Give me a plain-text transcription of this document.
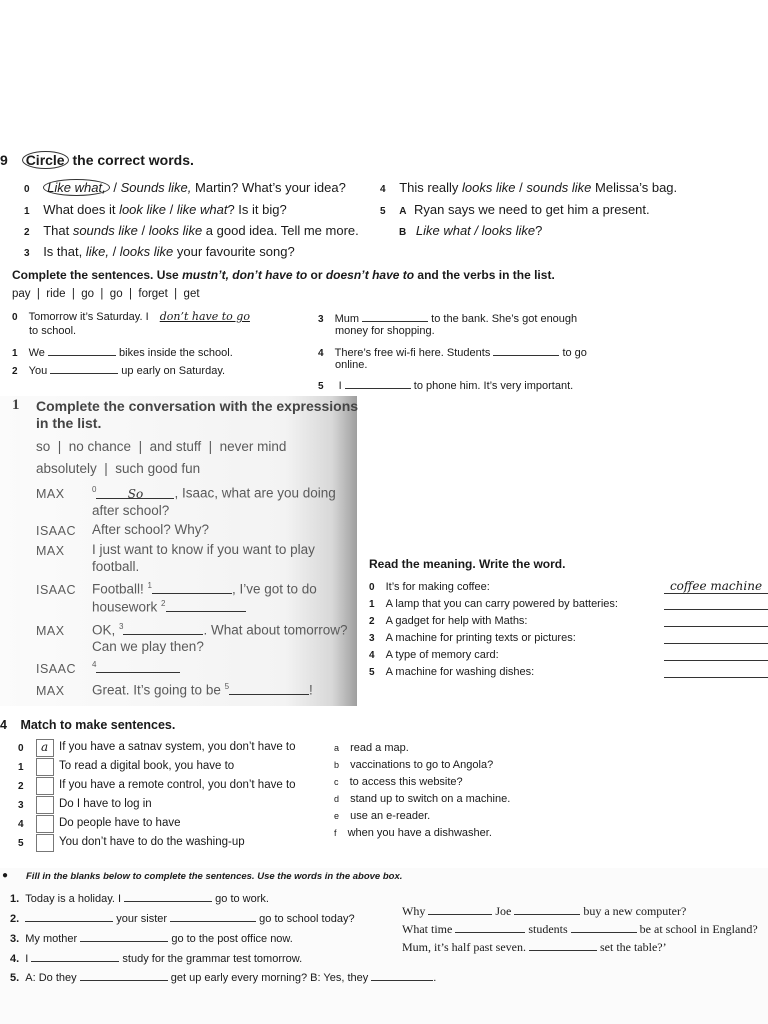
9 Circle the correct words.
0 Like what, / Sounds like, Martin? What’s your idea?
1 What does it look like / like what? Is it big?
2 That sounds like / looks like a good idea. Tell me more.
3 Is that, like, / looks like your favourite song?
4 This really looks like / sounds like Melissa’s bag.
5 A Ryan says we need to get him a present.
B Like what / looks like?
Complete the sentences. Use mustn’t, don’t have to or doesn’t have to and the verbs in the list.
pay  |  ride  |  go  |  go  |  forget  |  get
0 Tomorrow it’s Saturday. I don’t have to go
to school.
1 We	bikes inside the school.
2 You	up early on Saturday.
3 Mum	to the bank. She’s got enough
money for shopping.
4 There’s free wi-fi here. Students	to go
online.
5 I	to phone him. It’s very important.
1 Complete the conversation with the expressions
in the list.
so  |  no chance  |  and stuff  |  never mind
absolutely  |  such good fun
MAX	$^0$	So , Isaac, what are you doing
after school?
ISAAC After school? Why?
MAX I just want to know if you want to play
football.
ISAAC Football! $^1$	, I’ve got to do
housework $^2$
MAX OK, $^3$	. What about tomorrow?
Can we play then?
ISAAC $^4$
MAX Great. It’s going to be $^5$	!
Read the meaning. Write the word.
0 It’s for making coffee:	coffee machine
1 A lamp that you can carry powered by batteries:
2 A gadget for help with Maths:
3 A machine for printing texts or pictures:
4 A type of memory card:
5 A machine for washing dishes:
4 Match to make sentences.
0 a If you have a satnav system, you don’t have to
1	To read a digital book, you have to
2	If you have a remote control, you don’t have to
3	Do I have to log in
4	Do people have to have
5	You don’t have to do the washing-up
a read a map.
b vaccinations to go to Angola?
c to access this website?
d stand up to switch on a machine.
e use an e-reader.
f when you have a dishwasher.
● Fill in the blanks below to complete the sentences. Use the words in the above box.
1. Today is a holiday. I	go to work.
2.	your sister	go to school today?
3. My mother	go to the post office now.
4. I	study for the grammar test tomorrow.
5. A: Do they	get up early every morning? B: Yes, they	.
Why	Joe	buy a new computer?
What time	students	be at school in England?
Mum, it’s half past seven.	set the table?’
